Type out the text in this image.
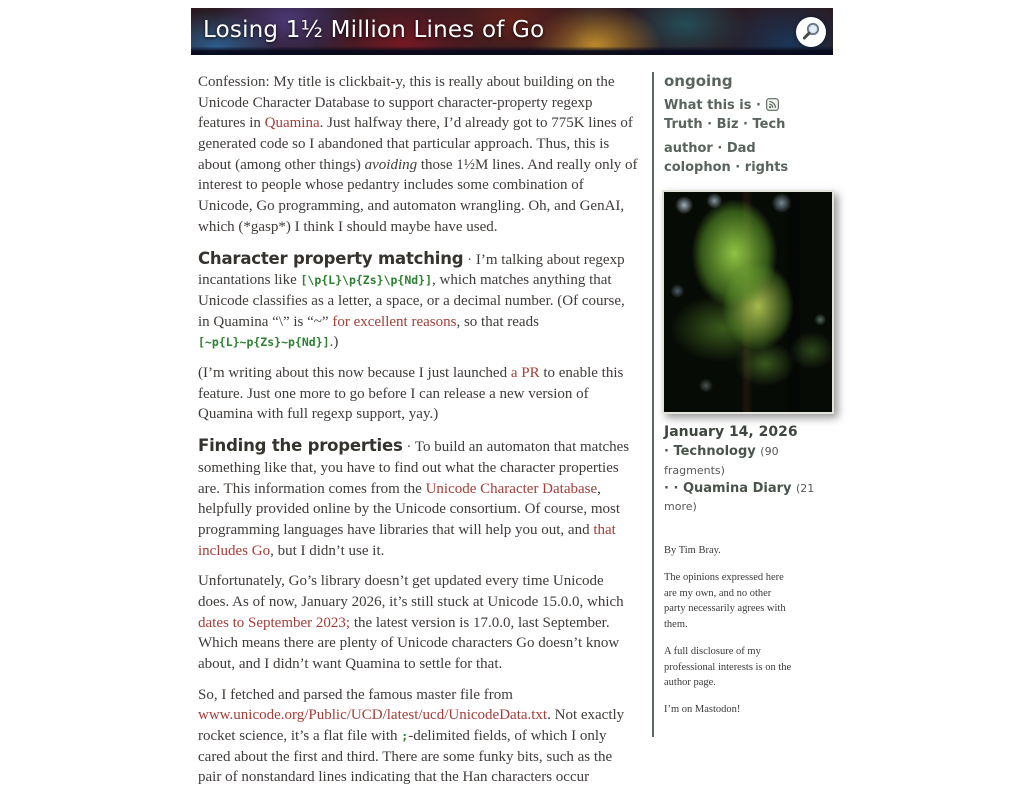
Losing 1½ Million Lines of Go

Confession: My title is clickbait-y, this is really about building on the Unicode Character Database to support character-property regexp features in Quamina. Just halfway there, I’d already got to 775K lines of generated code so I abandoned that particular approach. Thus, this is about (among other things) avoiding those 1½M lines. And really only of interest to people whose pedantry includes some combination of Unicode, Go programming, and automaton wrangling. Oh, and GenAI, which (*gasp*) I think I should maybe have used.

Character property matching · I’m talking about regexp incantations like [\p{L}\p{Zs}\p{Nd}], which matches anything that Unicode classifies as a letter, a space, or a decimal number. (Of course, in Quamina “\” is “~” for excellent reasons, so that reads [~p{L}~p{Zs}~p{Nd}].)

(I’m writing about this now because I just launched a PR to enable this feature. Just one more to go before I can release a new version of Quamina with full regexp support, yay.)

Finding the properties · To build an automaton that matches something like that, you have to find out what the character properties are. This information comes from the Unicode Character Database, helpfully provided online by the Unicode consortium. Of course, most programming languages have libraries that will help you out, and that includes Go, but I didn’t use it.

Unfortunately, Go’s library doesn’t get updated every time Unicode does. As of now, January 2026, it’s still stuck at Unicode 15.0.0, which dates to September 2023; the latest version is 17.0.0, last September. Which means there are plenty of Unicode characters Go doesn’t know about, and I didn’t want Quamina to settle for that.

So, I fetched and parsed the famous master file from www.unicode.org/Public/UCD/latest/ucd/UnicodeData.txt. Not exactly rocket science, it’s a flat file with ;-delimited fields, of which I only cared about the first and third. There are some funky bits, such as the pair of nonstandard lines indicating that the Han characters occur

ongoing

What this is ·
Truth · Biz · Tech
author · Dad
colophon · rights

January 14, 2026

· Technology (90 fragments)
· · Quamina Diary (21 more)

By Tim Bray.

The opinions expressed here are my own, and no other party necessarily agrees with them.

A full disclosure of my professional interests is on the author page.

I’m on Mastodon!
